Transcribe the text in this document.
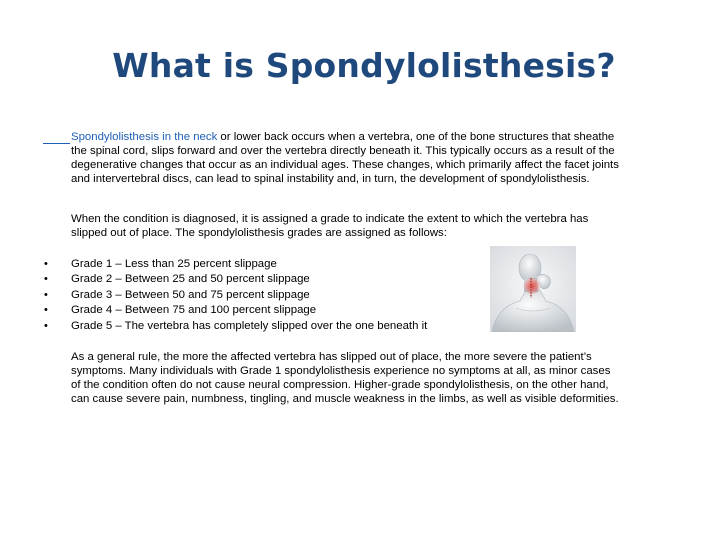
What is Spondylolisthesis?
Spondylolisthesis in the neck or lower back occurs when a vertebra, one of the bone structures that sheathe the spinal cord, slips forward and over the vertebra directly beneath it. This typically occurs as a result of the degenerative changes that occur as an individual ages. These changes, which primarily affect the facet joints and intervertebral discs, can lead to spinal instability and, in turn, the development of spondylolisthesis.
When the condition is diagnosed, it is assigned a grade to indicate the extent to which the vertebra has slipped out of place. The spondylolisthesis grades are assigned as follows:
• Grade 1 – Less than 25 percent slippage
• Grade 2 – Between 25 and 50 percent slippage
• Grade 3 – Between 50 and 75 percent slippage
• Grade 4 – Between 75 and 100 percent slippage
• Grade 5 – The vertebra has completely slipped over the one beneath it
As a general rule, the more the affected vertebra has slipped out of place, the more severe the patient’s symptoms. Many individuals with Grade 1 spondylolisthesis experience no symptoms at all, as minor cases of the condition often do not cause neural compression. Higher-grade spondylolisthesis, on the other hand, can cause severe pain, numbness, tingling, and muscle weakness in the limbs, as well as visible deformities.
